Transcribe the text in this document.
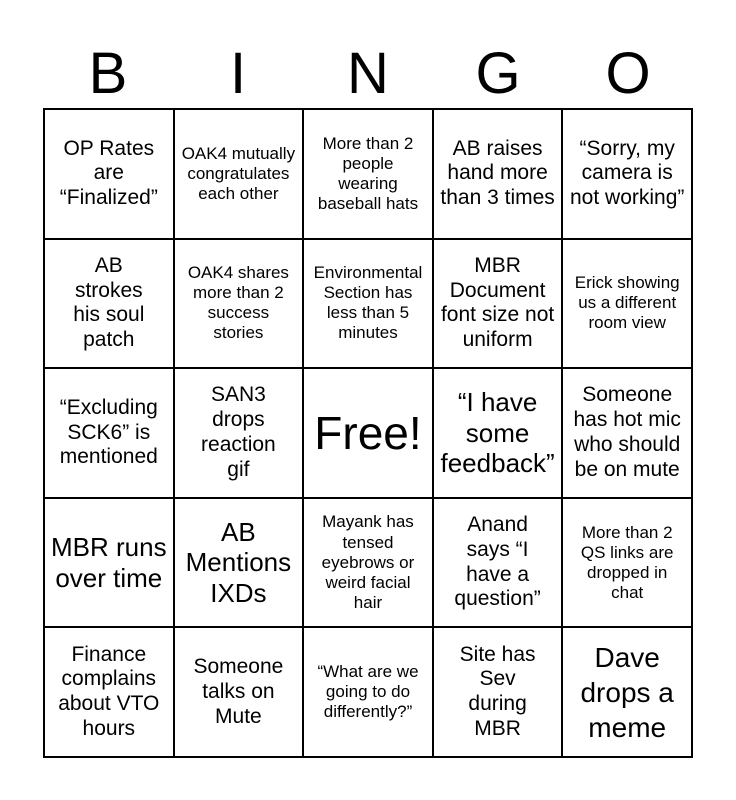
B	I	N	G	O
OP Rates are “Finalized”
OAK4 mutually congratulates each other
More than 2 people wearing baseball hats
AB raises hand more than 3 times
“Sorry, my camera is not working”
AB strokes his soul patch
OAK4 shares more than 2 success stories
Environmental Section has less than 5 minutes
MBR Document font size not uniform
Erick showing us a different room view
“Excluding SCK6” is mentioned
SAN3 drops reaction gif
Free!
“I have some feedback”
Someone has hot mic who should be on mute
MBR runs over time
AB Mentions IXDs
Mayank has tensed eyebrows or weird facial hair
Anand says “I have a question”
More than 2 QS links are dropped in chat
Finance complains about VTO hours
Someone talks on Mute
“What are we going to do differently?”
Site has Sev during MBR
Dave drops a meme
